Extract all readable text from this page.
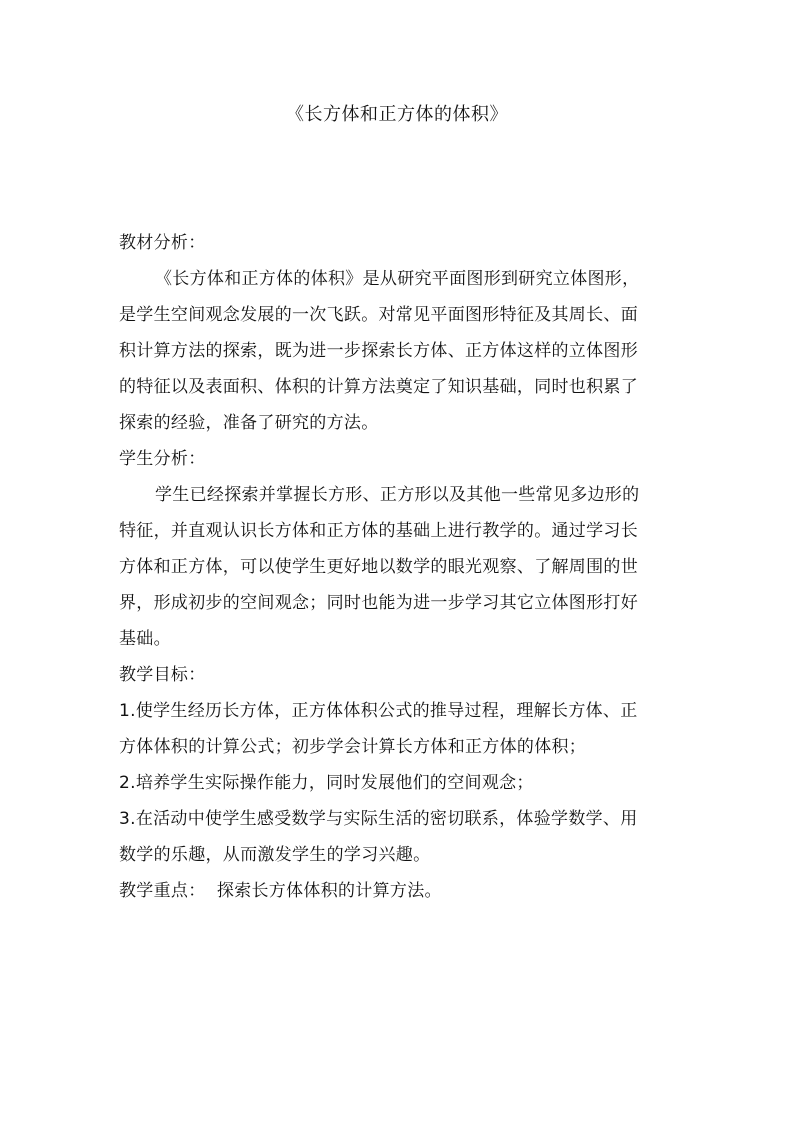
《长方体和正方体的体积》

教材分析：

《长方体和正方体的体积》是从研究平面图形到研究立体图形，

是学生空间观念发展的一次飞跃。对常见平面图形特征及其周长、面

积计算方法的探索，既为进一步探索长方体、正方体这样的立体图形

的特征以及表面积、体积的计算方法奠定了知识基础，同时也积累了

探索的经验，准备了研究的方法。

学生分析：

学生已经探索并掌握长方形、正方形以及其他一些常见多边形的

特征，并直观认识长方体和正方体的基础上进行教学的。通过学习长

方体和正方体，可以使学生更好地以数学的眼光观察、了解周围的世

界，形成初步的空间观念；同时也能为进一步学习其它立体图形打好

基础。

教学目标：

1.使学生经历长方体，正方体体积公式的推导过程，理解长方体、正

方体体积的计算公式；初步学会计算长方体和正方体的体积；

2.培养学生实际操作能力，同时发展他们的空间观念；

3.在活动中使学生感受数学与实际生活的密切联系，体验学数学、用

数学的乐趣，从而激发学生的学习兴趣。

教学重点：  探索长方体体积的计算方法。
